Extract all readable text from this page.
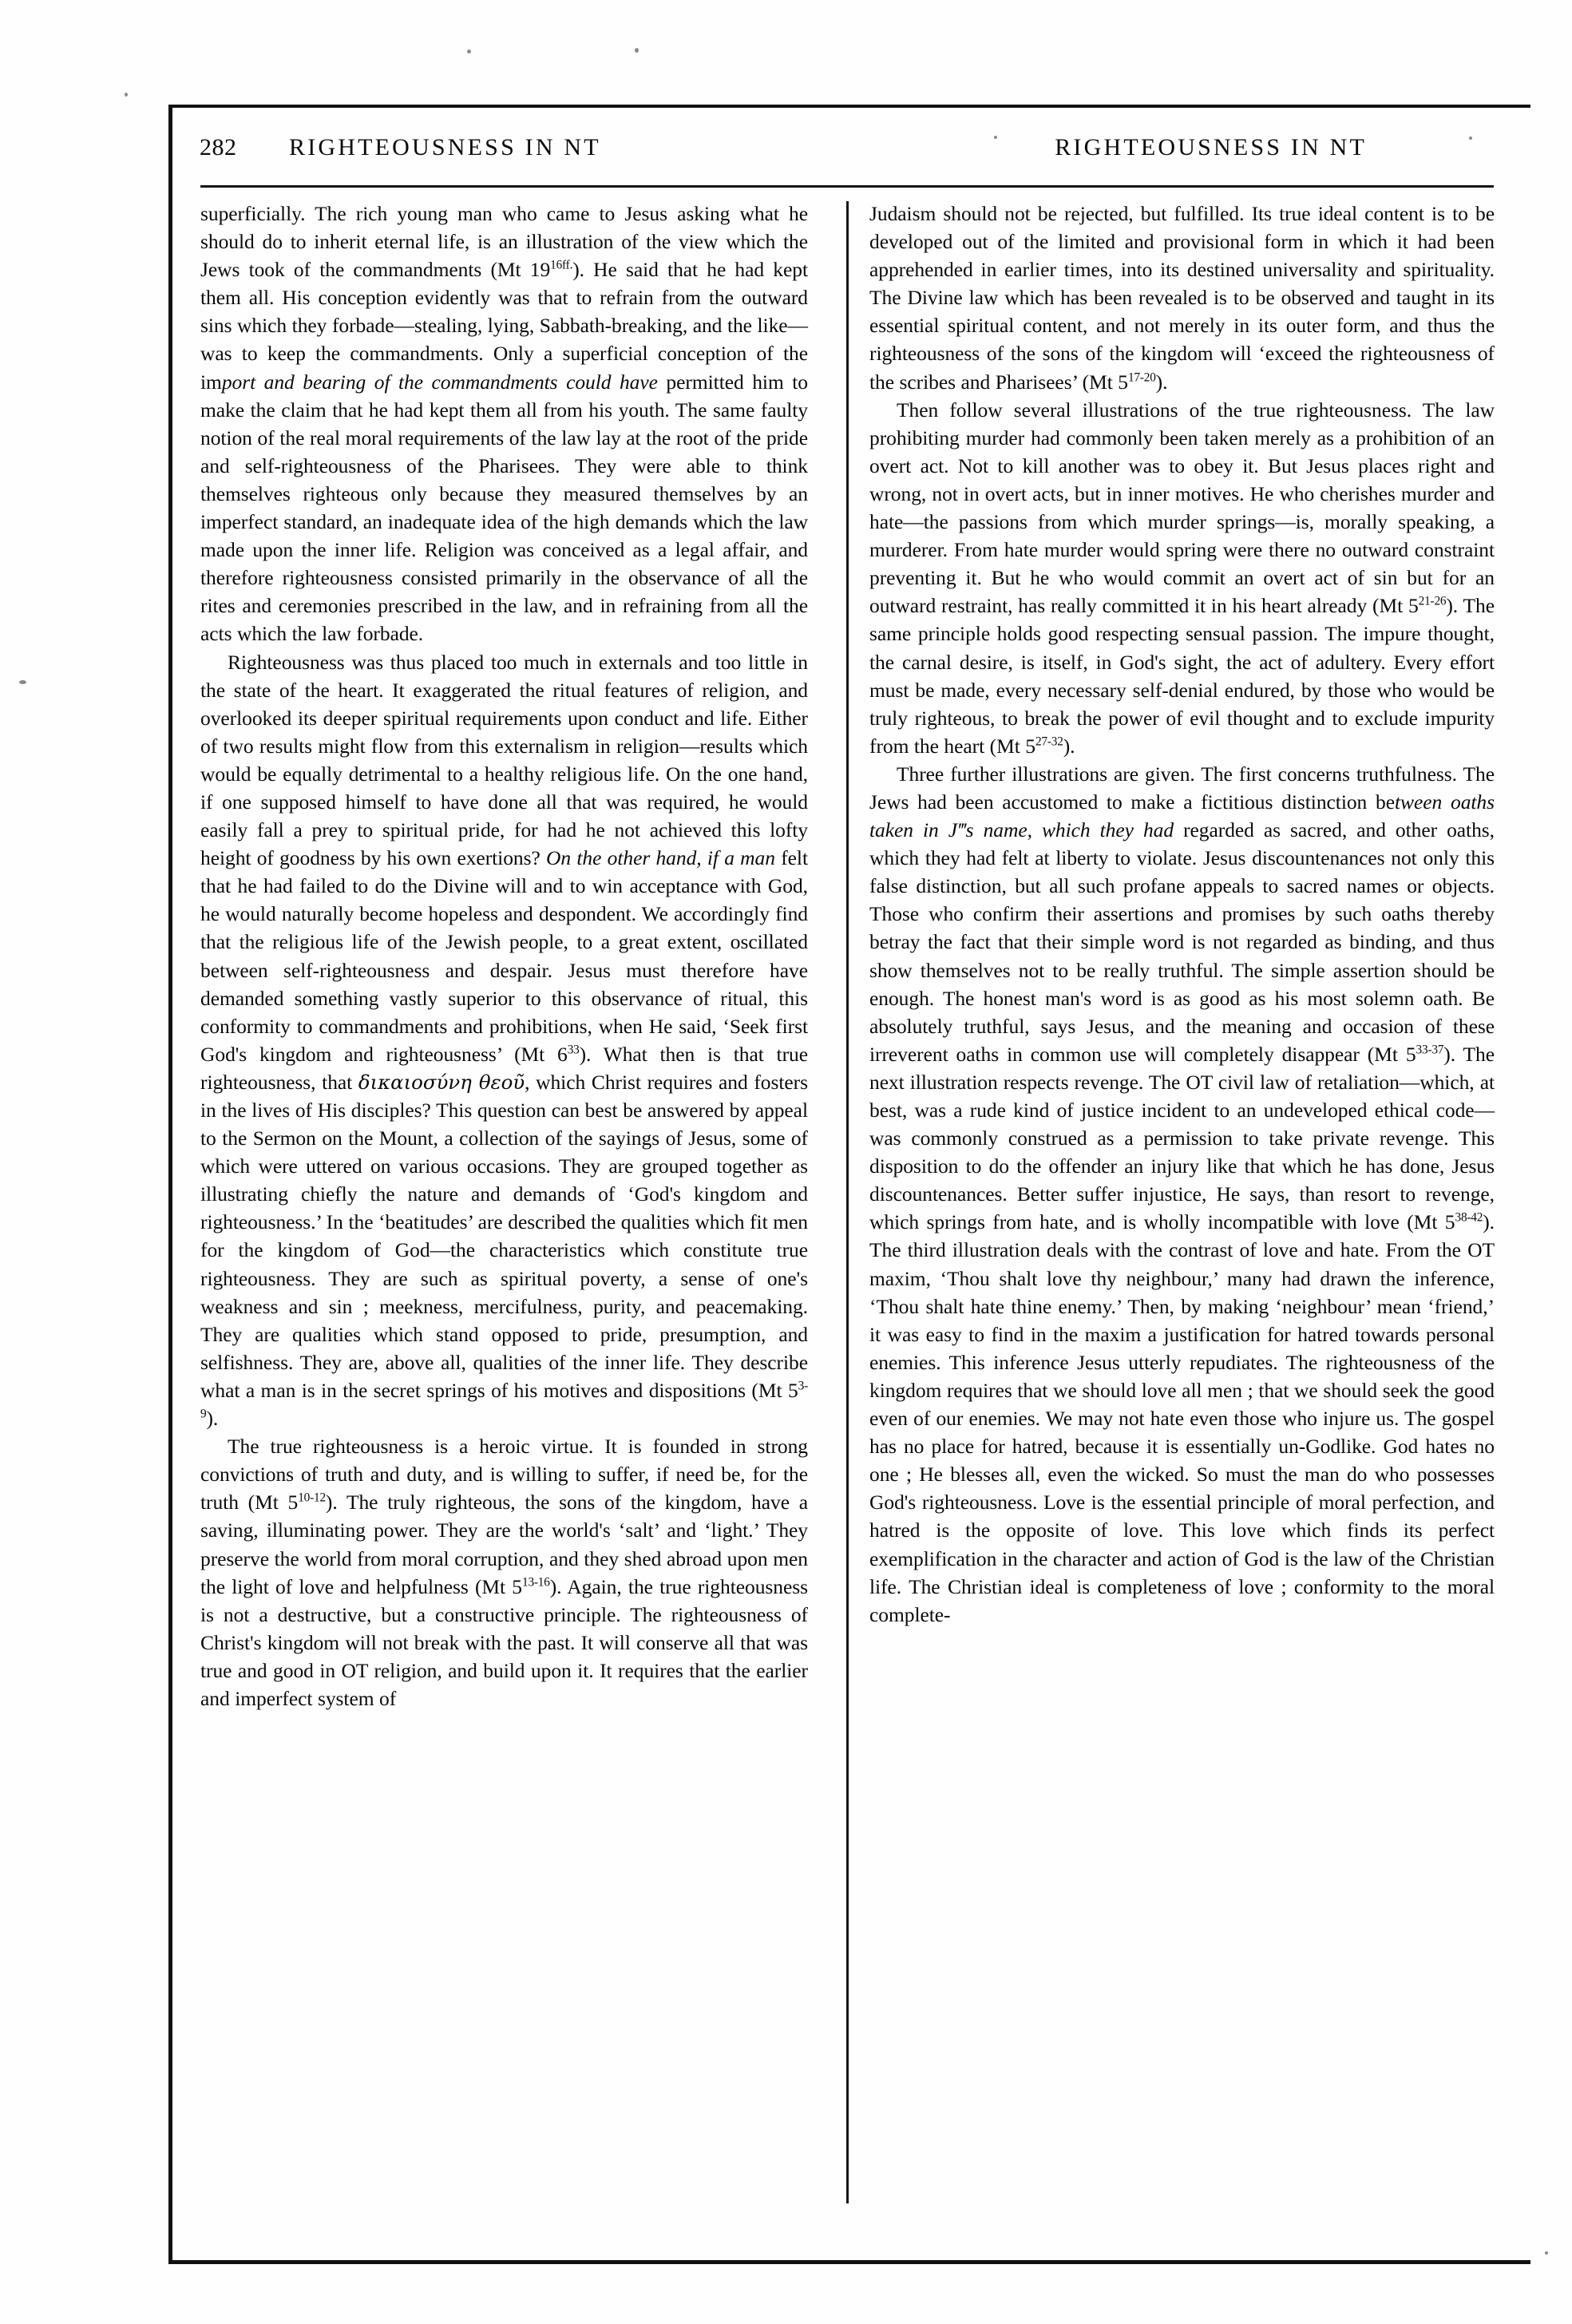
282	RIGHTEOUSNESS IN NT	RIGHTEOUSNESS IN NT

superficially. The rich young man who came to Jesus asking what he should do to inherit eternal life, is an illustration of the view which the Jews took of the commandments (Mt $19^{16ff.}$). He said that he had kept them all. His conception evidently was that to refrain from the outward sins which they forbade—stealing, lying, Sabbath-breaking, and the like—was to keep the commandments. Only a superficial conception of the import and bearing of the commandments could have permitted him to make the claim that he had kept them all from his youth. The same faulty notion of the real moral requirements of the law lay at the root of the pride and self-righteousness of the Pharisees. They were able to think themselves righteous only because they measured themselves by an imperfect standard, an inadequate idea of the high demands which the law made upon the inner life. Religion was conceived as a legal affair, and therefore righteousness consisted primarily in the observance of all the rites and ceremonies prescribed in the law, and in refraining from all the acts which the law forbade.

Righteousness was thus placed too much in externals and too little in the state of the heart. It exaggerated the ritual features of religion, and overlooked its deeper spiritual requirements upon conduct and life. Either of two results might flow from this externalism in religion—results which would be equally detrimental to a healthy religious life. On the one hand, if one supposed himself to have done all that was required, he would easily fall a prey to spiritual pride, for had he not achieved this lofty height of goodness by his own exertions? On the other hand, if a man felt that he had failed to do the Divine will and to win acceptance with God, he would naturally become hopeless and despondent. We accordingly find that the religious life of the Jewish people, to a great extent, oscillated between self-righteousness and despair. Jesus must therefore have demanded something vastly superior to this observance of ritual, this conformity to commandments and prohibitions, when He said, ‘Seek first God's kingdom and righteousness’ (Mt $6^{33}$). What then is that true righteousness, that δικαιοσύνη θεοῦ, which Christ requires and fosters in the lives of His disciples? This question can best be answered by appeal to the Sermon on the Mount, a collection of the sayings of Jesus, some of which were uttered on various occasions. They are grouped together as illustrating chiefly the nature and demands of ‘God's kingdom and righteousness.’ In the ‘beatitudes’ are described the qualities which fit men for the kingdom of God—the characteristics which constitute true righteousness. They are such as spiritual poverty, a sense of one's weakness and sin ; meekness, mercifulness, purity, and peacemaking. They are qualities which stand opposed to pride, presumption, and selfishness. They are, above all, qualities of the inner life. They describe what a man is in the secret springs of his motives and dispositions (Mt 5$^{3-9}$).

The true righteousness is a heroic virtue. It is founded in strong convictions of truth and duty, and is willing to suffer, if need be, for the truth (Mt 5$^{10-12}$). The truly righteous, the sons of the kingdom, have a saving, illuminating power. They are the world's ‘salt’ and ‘light.’ They preserve the world from moral corruption, and they shed abroad upon men the light of love and helpfulness (Mt 5$^{13-16}$). Again, the true righteousness is not a destructive, but a constructive principle. The righteousness of Christ's kingdom will not break with the past. It will conserve all that was true and good in OT religion, and build upon it. It requires that the earlier and imperfect system of

Judaism should not be rejected, but fulfilled. Its true ideal content is to be developed out of the limited and provisional form in which it had been apprehended in earlier times, into its destined universality and spirituality. The Divine law which has been revealed is to be observed and taught in its essential spiritual content, and not merely in its outer form, and thus the righteousness of the sons of the kingdom will ‘exceed the righteousness of the scribes and Pharisees’ (Mt 5$^{17-20}$).

Then follow several illustrations of the true righteousness. The law prohibiting murder had commonly been taken merely as a prohibition of an overt act. Not to kill another was to obey it. But Jesus places right and wrong, not in overt acts, but in inner motives. He who cherishes murder and hate—the passions from which murder springs—is, morally speaking, a murderer. From hate murder would spring were there no outward constraint preventing it. But he who would commit an overt act of sin but for an outward restraint, has really committed it in his heart already (Mt 5$^{21-26}$). The same principle holds good respecting sensual passion. The impure thought, the carnal desire, is itself, in God's sight, the act of adultery. Every effort must be made, every necessary self-denial endured, by those who would be truly righteous, to break the power of evil thought and to exclude impurity from the heart (Mt 5$^{27-32}$).

Three further illustrations are given. The first concerns truthfulness. The Jews had been accustomed to make a fictitious distinction between oaths taken in J‴s name, which they had regarded as sacred, and other oaths, which they had felt at liberty to violate. Jesus discountenances not only this false distinction, but all such profane appeals to sacred names or objects. Those who confirm their assertions and promises by such oaths thereby betray the fact that their simple word is not regarded as binding, and thus show themselves not to be really truthful. The simple assertion should be enough. The honest man's word is as good as his most solemn oath. Be absolutely truthful, says Jesus, and the meaning and occasion of these irreverent oaths in common use will completely disappear (Mt 5$^{33-37}$). The next illustration respects revenge. The OT civil law of retaliation—which, at best, was a rude kind of justice incident to an undeveloped ethical code—was commonly construed as a permission to take private revenge. This disposition to do the offender an injury like that which he has done, Jesus discountenances. Better suffer injustice, He says, than resort to revenge, which springs from hate, and is wholly incompatible with love (Mt 5$^{38-42}$). The third illustration deals with the contrast of love and hate. From the OT maxim, ‘Thou shalt love thy neighbour,’ many had drawn the inference, ‘Thou shalt hate thine enemy.’ Then, by making ‘neighbour’ mean ‘friend,’ it was easy to find in the maxim a justification for hatred towards personal enemies. This inference Jesus utterly repudiates. The righteousness of the kingdom requires that we should love all men ; that we should seek the good even of our enemies. We may not hate even those who injure us. The gospel has no place for hatred, because it is essentially un-Godlike. God hates no one ; He blesses all, even the wicked. So must the man do who possesses God's righteousness. Love is the essential principle of moral perfection, and hatred is the opposite of love. This love which finds its perfect exemplification in the character and action of God is the law of the Christian life. The Christian ideal is completeness of love ; conformity to the moral complete-
